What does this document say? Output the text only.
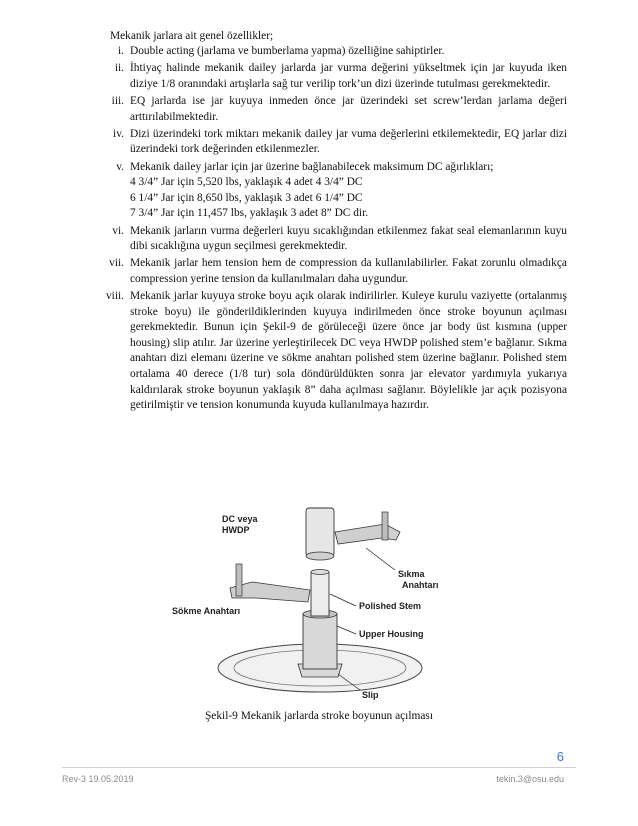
Mekanik jarlara ait genel özellikler;
i. Double acting (jarlama ve bumberlama yapma) özelliğine sahiptirler.
ii. İhtiyaç halinde mekanik dailey jarlarda jar vurma değerini yükseltmek için jar kuyuda iken diziye 1/8 oranındaki artışlarla sağ tur verilip tork’un dizi üzerinde tutulması gerekmektedir.
iii. EQ jarlarda ise jar kuyuya inmeden önce jar üzerindeki set screw’lerdan jarlama değeri arttırılabilmektedir.
iv. Dizi üzerindeki tork miktarı mekanik dailey jar vuma değerlerini etkilemektedir, EQ jarlar dizi üzerindeki tork değerinden etkilenmezler.
v. Mekanik dailey jarlar için jar üzerine bağlanabilecek maksimum DC ağırlıkları;
4 3/4” Jar için 5,520 lbs, yaklaşık 4 adet 4 3/4” DC
6 1/4” Jar için 8,650 lbs, yaklaşık 3 adet 6 1/4” DC
7 3/4” Jar için 11,457 lbs, yaklaşık 3 adet 8” DC dir.
vi. Mekanik jarların vurma değerleri kuyu sıcaklığından etkilenmez fakat seal elemanlarının kuyu dibi sıcaklığına uygun seçilmesi gerekmektedir.
vii. Mekanik jarlar hem tension hem de compression da kullanılabilirler. Fakat zorunlu olmadıkça compression yerine tension da kullanılmaları daha uygundur.
viii. Mekanik jarlar kuyuya stroke boyu açık olarak indirilirler. Kuleye kurulu vaziyette (ortalanmış stroke boyu) ile gönderildiklerinden kuyuya indirilmeden önce stroke boyunun açılması gerekmektedir. Bunun için Şekil-9 de görüleceği üzere önce jar body üst kısmına (upper housing) slip atılır. Jar üzerine yerleştirilecek DC veya HWDP polished stem’e bağlanır. Sıkma anahtarı dizi elemanı üzerine ve sökme anahtarı polished stem üzerine bağlanır. Polished stem ortalama 40 derece (1/8 tur) sola döndürüldükten sonra jar elevator yardımıyla yukarıya kaldırılarak stroke boyunun yaklaşık 8” daha açılması sağlanır. Böylelikle jar açık pozisyona getirilmiştir ve tension konumunda kuyuda kullanılmaya hazırdır.
DC veya
HWDP
Sıkma
Anahtarı
Polished Stem
Sökme Anahtarı
Upper Housing
Slip
Şekil-9 Mekanik jarlarda stroke boyunun açılması
6
Rev-3 19.05.2019	tekin.3@osu.edu
